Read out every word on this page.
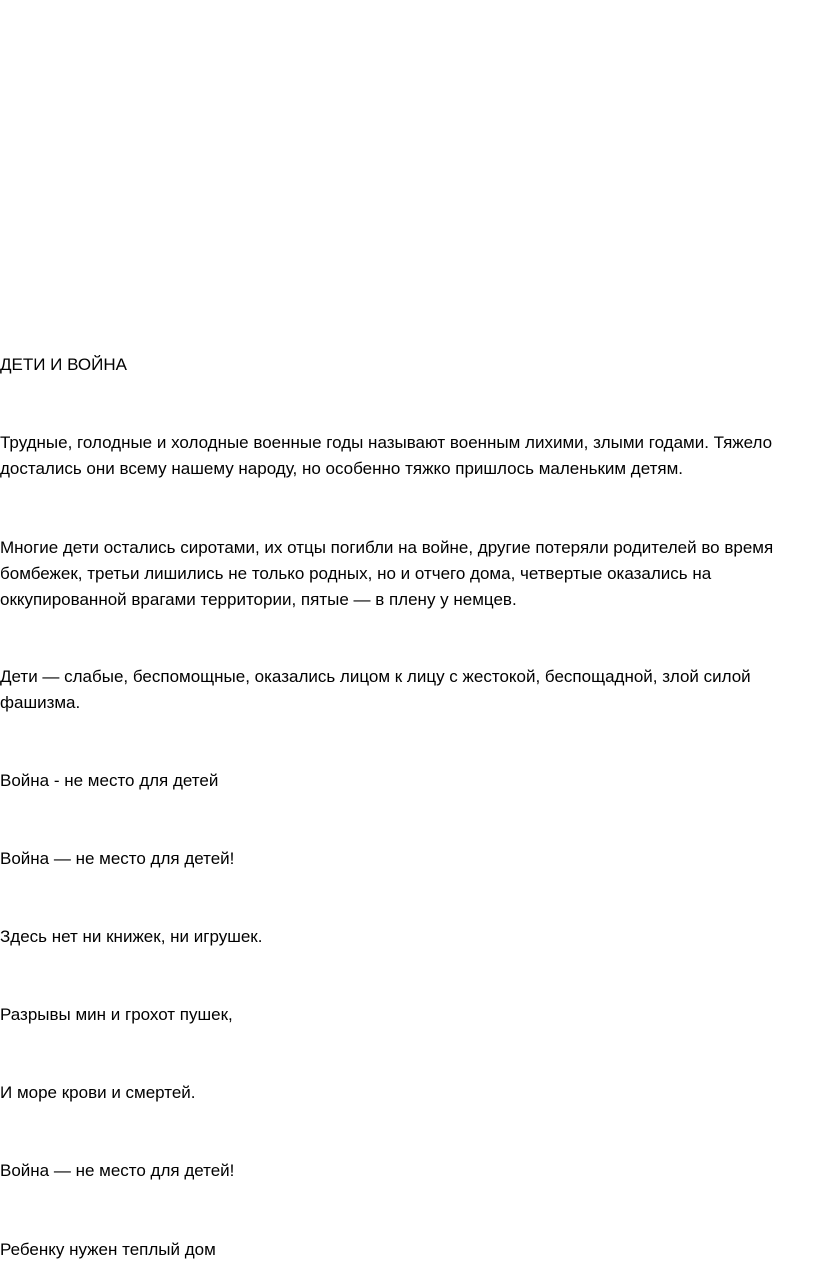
ДЕТИ И ВОЙНА

Трудные, голодные и холодные военные годы называют военным лихими, злыми годами. Тяжело
достались они всему нашему народу, но особенно тяжко пришлось маленьким детям.

Многие дети остались сиротами, их отцы погибли на войне, другие потеряли родителей во время
бомбежек, третьи лишились не только родных, но и отчего дома, четвертые оказались на
оккупированной врагами территории, пятые — в плену у немцев.

Дети — слабые, беспомощные, оказались лицом к лицу с жестокой, беспощадной, злой силой
фашизма.

Война - не место для детей

Война — не место для детей!

Здесь нет ни книжек, ни игрушек.

Разрывы мин и грохот пушек,

И море крови и смертей.

Война — не место для детей!

Ребенку нужен теплый дом
